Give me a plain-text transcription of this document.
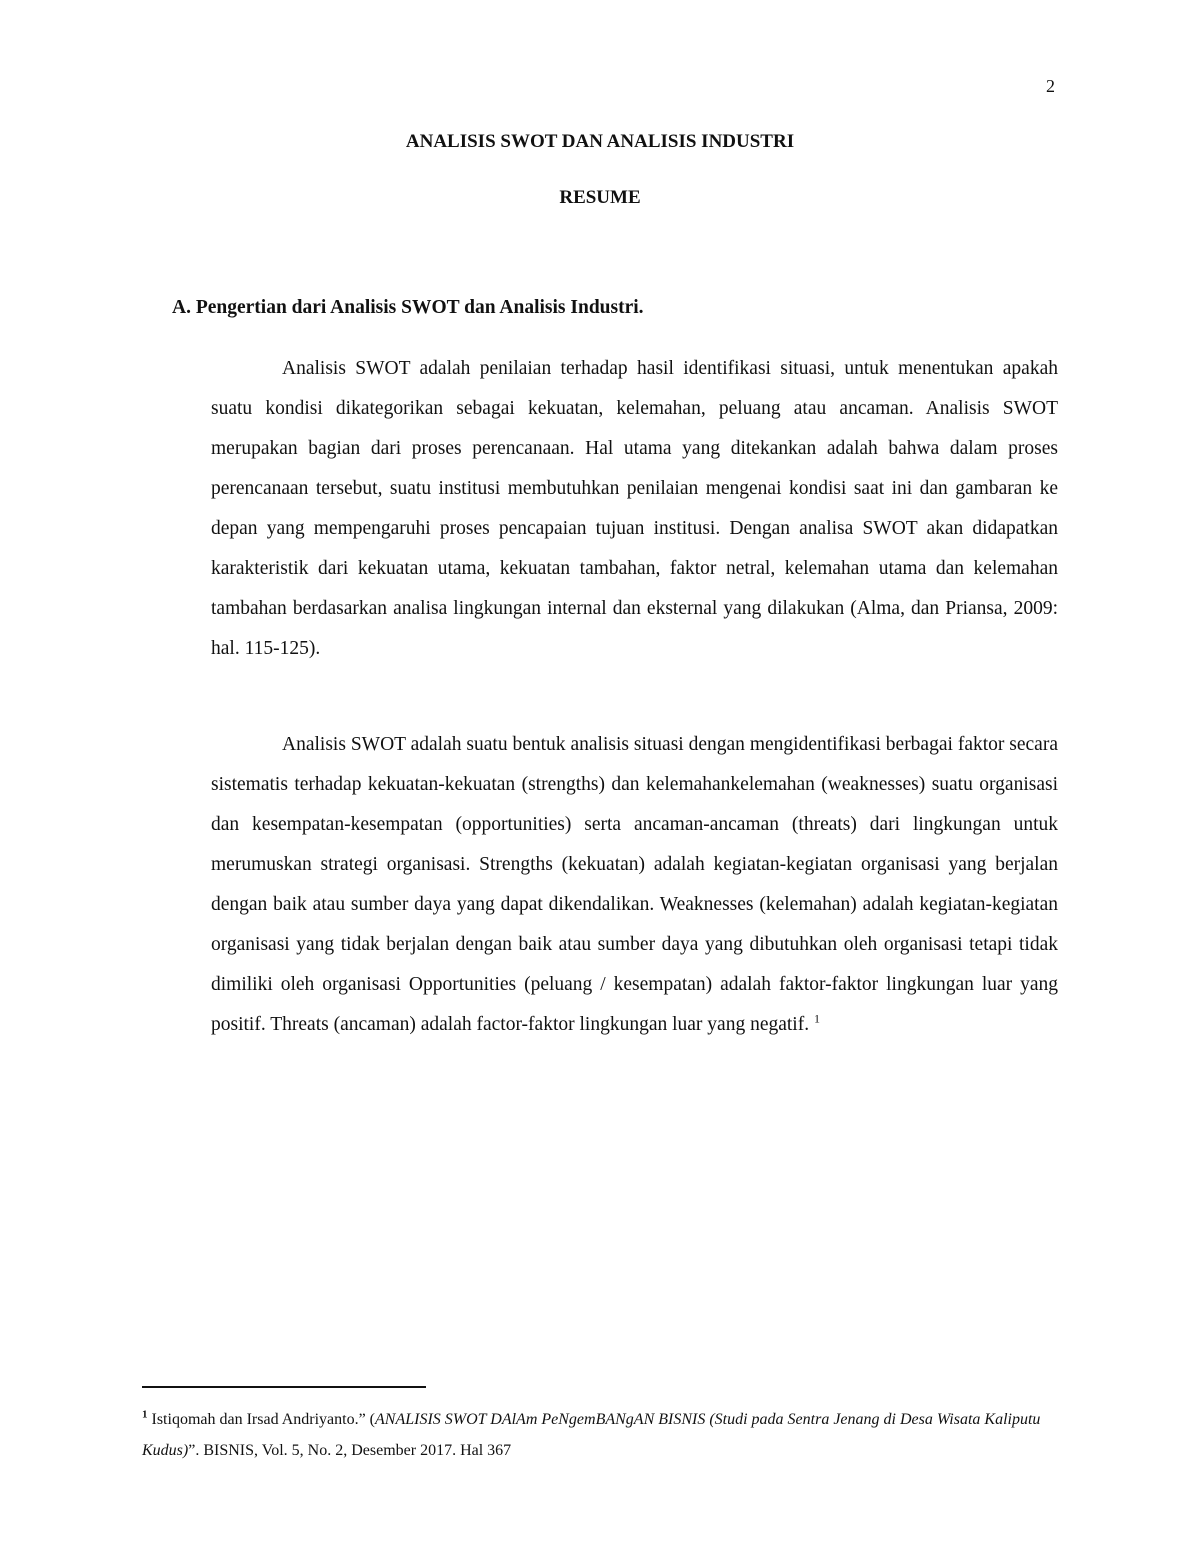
2
ANALISIS SWOT DAN ANALISIS INDUSTRI
RESUME
A. Pengertian dari Analisis SWOT dan Analisis Industri.

Analisis SWOT adalah penilaian terhadap hasil identifikasi situasi, untuk menentukan apakah suatu kondisi dikategorikan sebagai kekuatan, kelemahan, peluang atau ancaman. Analisis SWOT merupakan bagian dari proses perencanaan. Hal utama yang ditekankan adalah bahwa dalam proses perencanaan tersebut, suatu institusi membutuhkan penilaian mengenai kondisi saat ini dan gambaran ke depan yang mempengaruhi proses pencapaian tujuan institusi. Dengan analisa SWOT akan didapatkan karakteristik dari kekuatan utama, kekuatan tambahan, faktor netral, kelemahan utama dan kelemahan tambahan berdasarkan analisa lingkungan internal dan eksternal yang dilakukan (Alma, dan Priansa, 2009: hal. 115-125).

Analisis SWOT adalah suatu bentuk analisis situasi dengan mengidentifikasi berbagai faktor secara sistematis terhadap kekuatan-kekuatan (strengths) dan kelemahankelemahan (weaknesses) suatu organisasi dan kesempatan-kesempatan (opportunities) serta ancaman-ancaman (threats) dari lingkungan untuk merumuskan strategi organisasi. Strengths (kekuatan) adalah kegiatan-kegiatan organisasi yang berjalan dengan baik atau sumber daya yang dapat dikendalikan. Weaknesses (kelemahan) adalah kegiatan-kegiatan organisasi yang tidak berjalan dengan baik atau sumber daya yang dibutuhkan oleh organisasi tetapi tidak dimiliki oleh organisasi Opportunities (peluang / kesempatan) adalah faktor-faktor lingkungan luar yang positif. Threats (ancaman) adalah factor-faktor lingkungan luar yang negatif. $^1$

$^1$ Istiqomah dan Irsad Andriyanto.” (ANALISIS SWOT DAlAm PeNgemBANgAN BISNIS (Studi pada Sentra Jenang di Desa Wisata Kaliputu Kudus)”. BISNIS, Vol. 5, No. 2, Desember 2017. Hal 367
